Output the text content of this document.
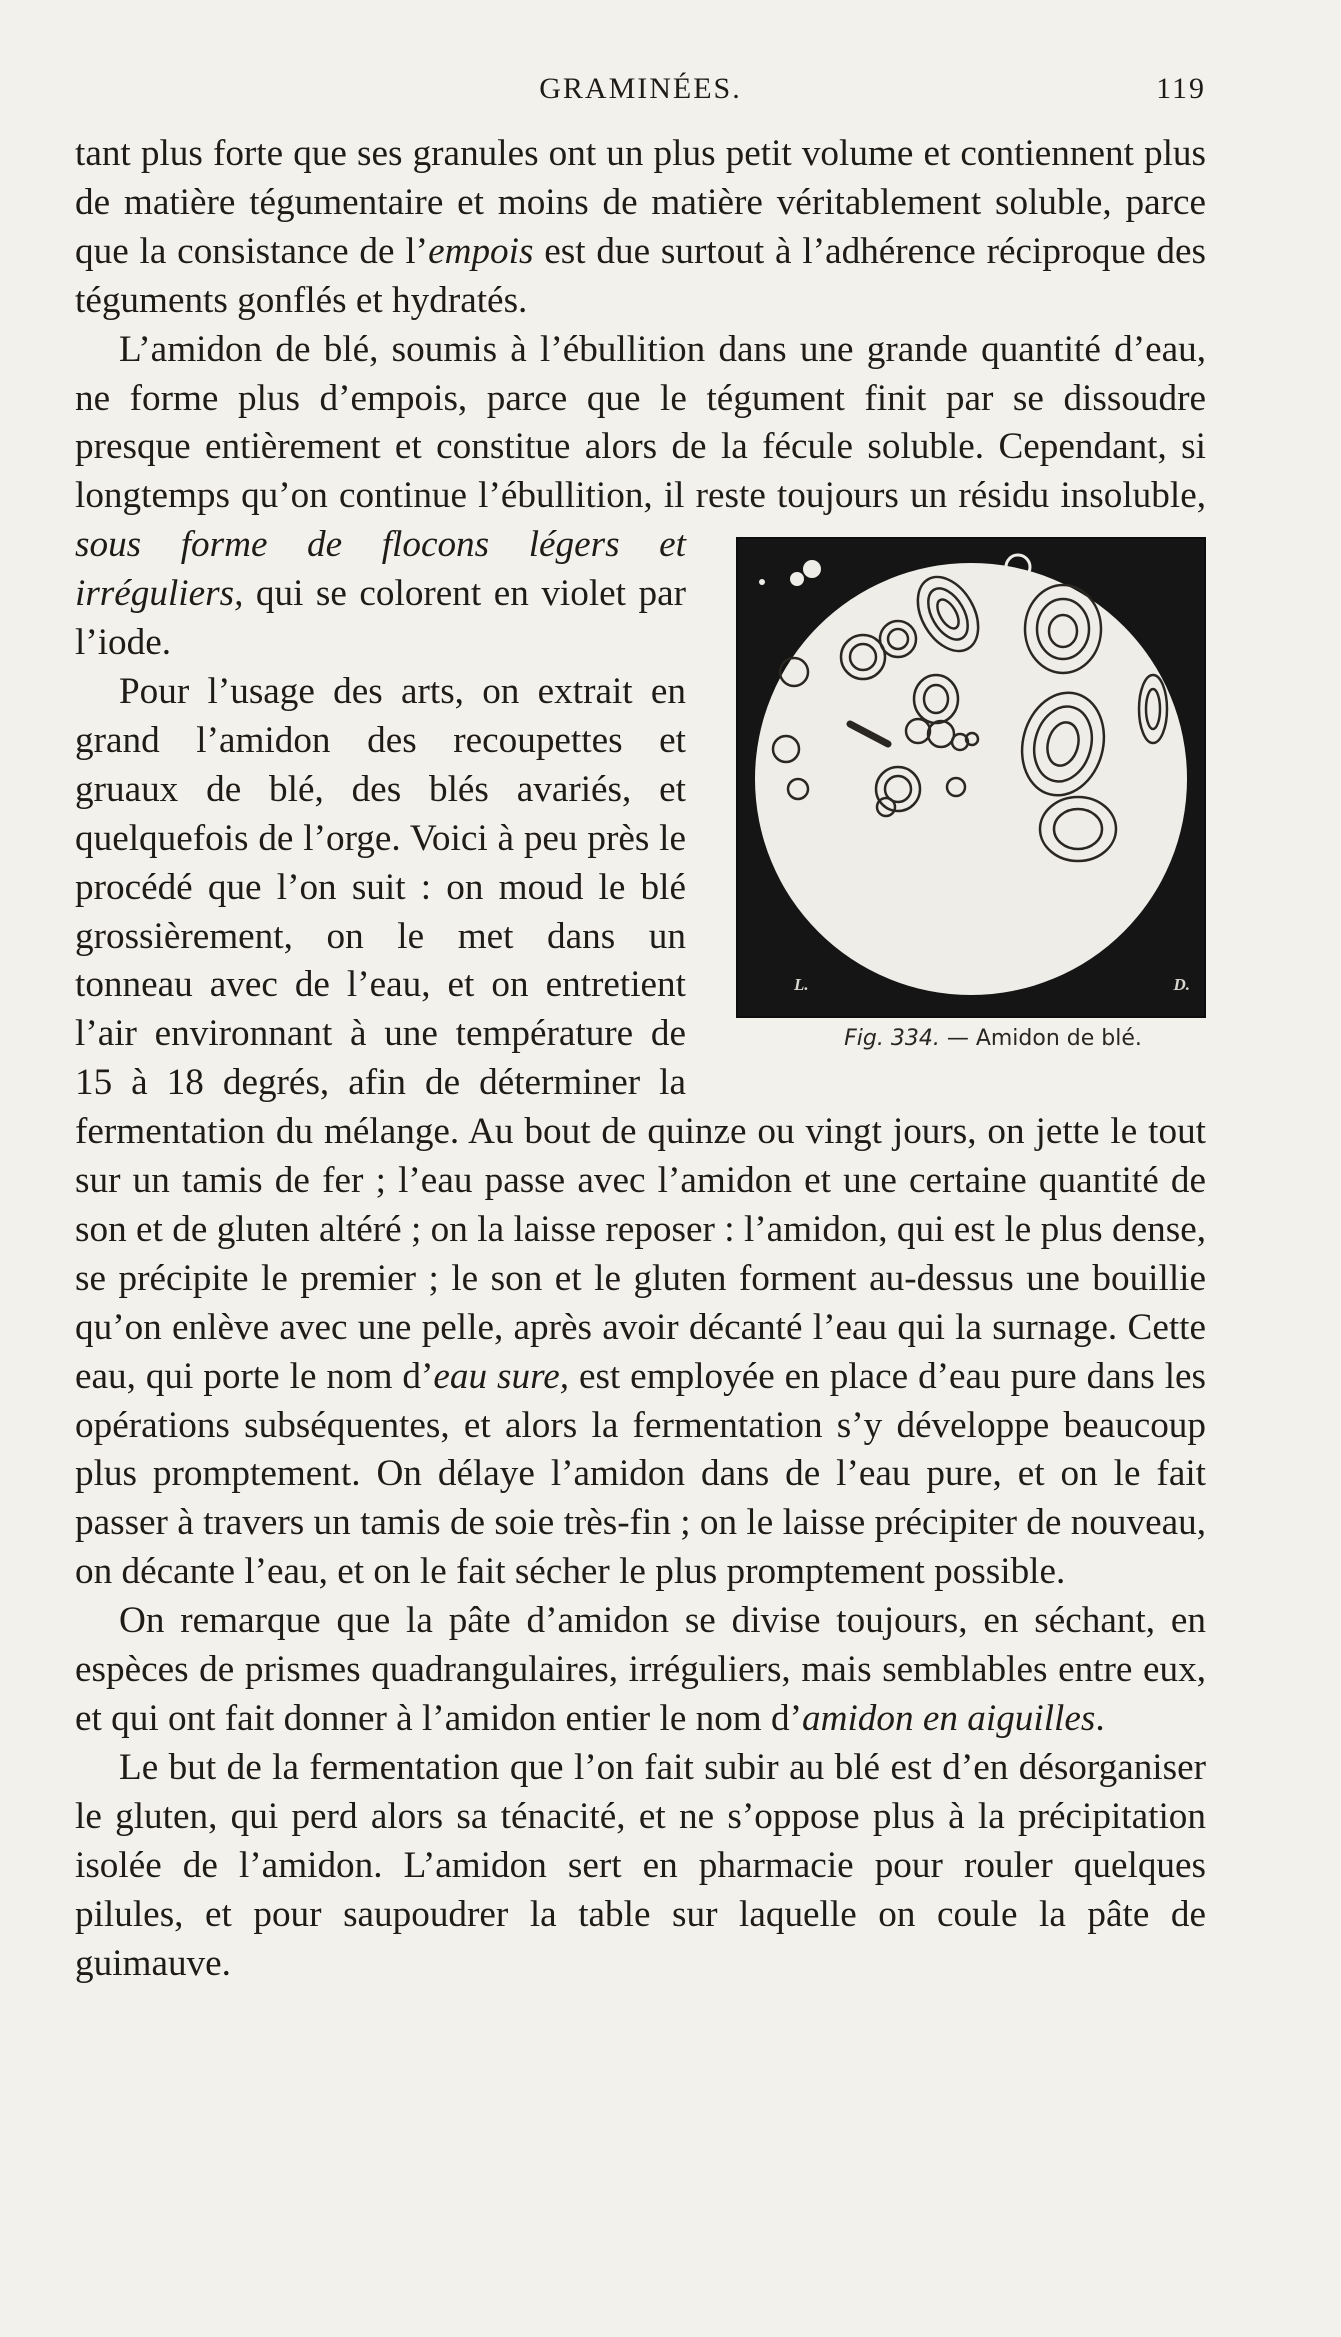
GRAMINÉES.	119

tant plus forte que ses granules ont un plus petit volume et contiennent plus de matière tégumentaire et moins de matière véritablement soluble, parce que la consistance de l’empois est due surtout à l’adhérence réciproque des téguments gonflés et hydratés.

L’amidon de blé, soumis à l’ébullition dans une grande quantité d’eau, ne forme plus d’empois, parce que le tégument finit par se dissoudre presque entièrement et constitue alors de la fécule soluble. Cependant, si longtemps qu’on continue l’ébullition, il reste toujours un résidu insoluble,
L.	D.
Fig. 334. — Amidon de blé.
sous forme de flocons légers et irréguliers, qui se colorent en violet par l’iode.

Pour l’usage des arts, on extrait en grand l’amidon des recoupettes et gruaux de blé, des blés avariés, et quelquefois de l’orge. Voici à peu près le procédé que l’on suit : on moud le blé grossièrement, on le met dans un tonneau avec de l’eau, et on entretient l’air environnant à une température de 15 à 18 degrés, afin de déterminer la fermentation du mélange. Au bout de quinze ou vingt jours, on jette le tout sur un tamis de fer ; l’eau passe avec l’amidon et une certaine quantité de son et de gluten altéré ; on la laisse reposer : l’amidon, qui est le plus dense, se précipite le premier ; le son et le gluten forment au-dessus une bouillie qu’on enlève avec une pelle, après avoir décanté l’eau qui la surnage. Cette eau, qui porte le nom d’eau sure, est employée en place d’eau pure dans les opérations subséquentes, et alors la fermentation s’y développe beaucoup plus promptement. On délaye l’amidon dans de l’eau pure, et on le fait passer à travers un tamis de soie très-fin ; on le laisse précipiter de nouveau, on décante l’eau, et on le fait sécher le plus promptement possible.

On remarque que la pâte d’amidon se divise toujours, en séchant, en espèces de prismes quadrangulaires, irréguliers, mais semblables entre eux, et qui ont fait donner à l’amidon entier le nom d’amidon en aiguilles.

Le but de la fermentation que l’on fait subir au blé est d’en désorganiser le gluten, qui perd alors sa ténacité, et ne s’oppose plus à la précipitation isolée de l’amidon. L’amidon sert en pharmacie pour rouler quelques pilules, et pour saupoudrer la table sur laquelle on coule la pâte de guimauve.
